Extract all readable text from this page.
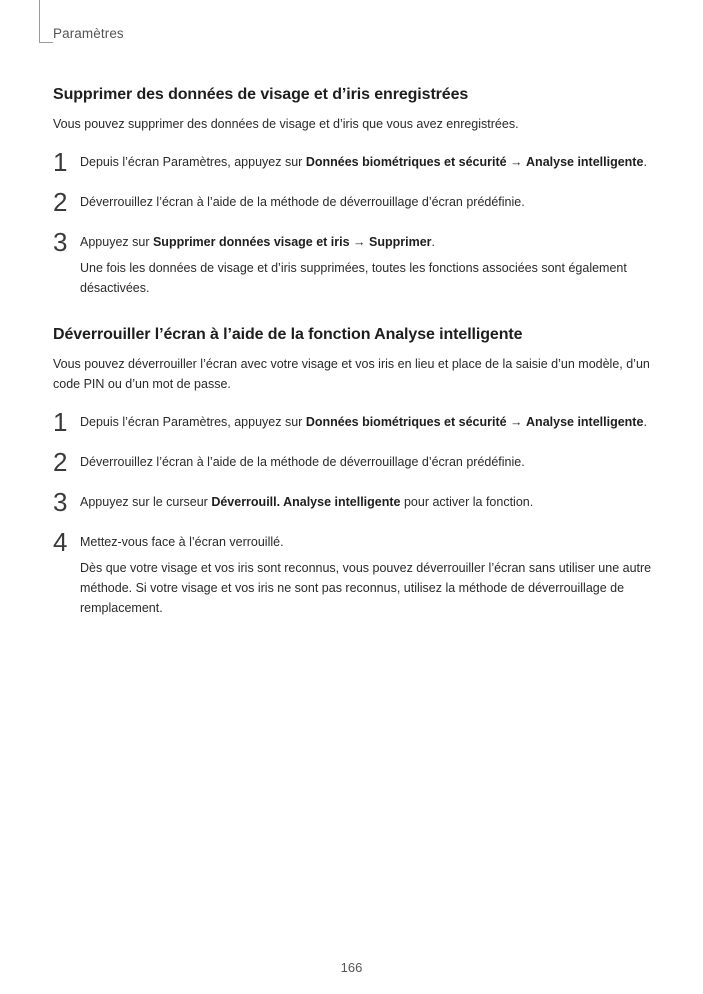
Paramètres
Supprimer des données de visage et d’iris enregistrées

Vous pouvez supprimer des données de visage et d’iris que vous avez enregistrées.

1 Depuis l’écran Paramètres, appuyez sur Données biométriques et sécurité → Analyse intelligente.
2 Déverrouillez l’écran à l’aide de la méthode de déverrouillage d’écran prédéfinie.
3 Appuyez sur Supprimer données visage et iris → Supprimer.
Une fois les données de visage et d’iris supprimées, toutes les fonctions associées sont également désactivées.
Déverrouiller l’écran à l’aide de la fonction Analyse intelligente

Vous pouvez déverrouiller l’écran avec votre visage et vos iris en lieu et place de la saisie d’un modèle, d’un code PIN ou d’un mot de passe.

1 Depuis l’écran Paramètres, appuyez sur Données biométriques et sécurité → Analyse intelligente.
2 Déverrouillez l’écran à l’aide de la méthode de déverrouillage d’écran prédéfinie.
3 Appuyez sur le curseur Déverrouill. Analyse intelligente pour activer la fonction.
4 Mettez-vous face à l’écran verrouillé.
Dès que votre visage et vos iris sont reconnus, vous pouvez déverrouiller l’écran sans utiliser une autre méthode. Si votre visage et vos iris ne sont pas reconnus, utilisez la méthode de déverrouillage de remplacement.
166
